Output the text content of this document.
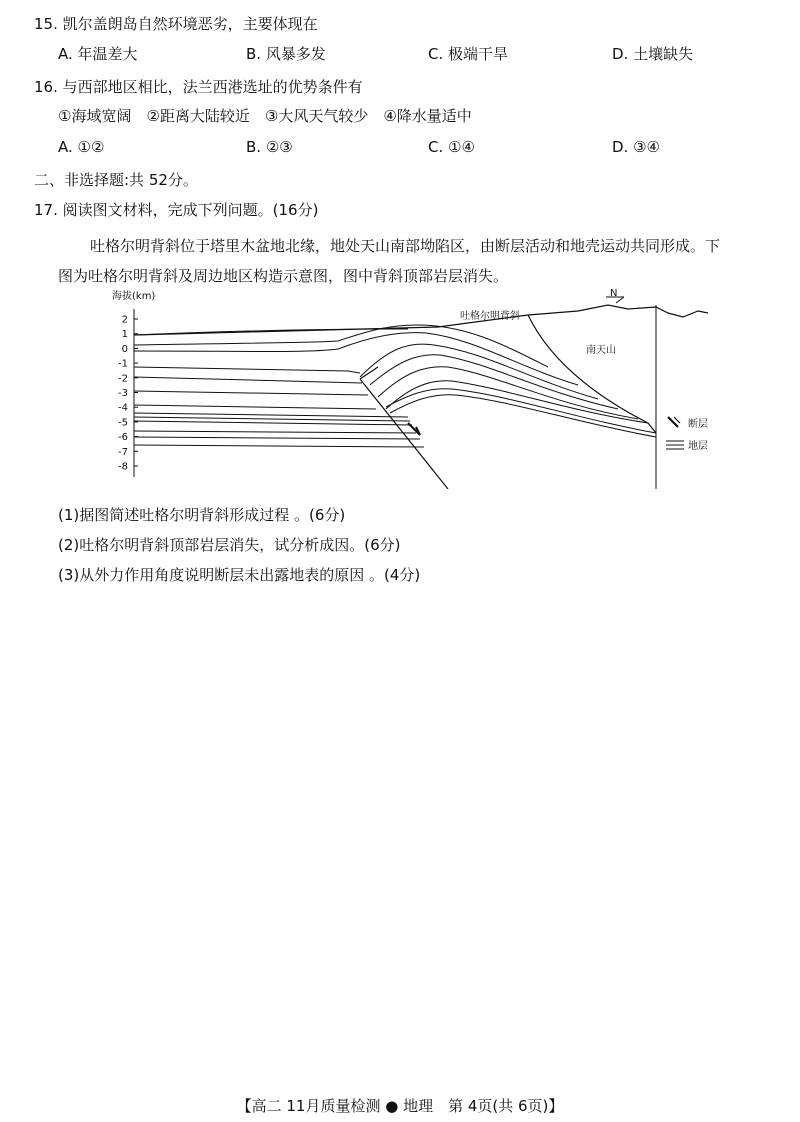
15. 凯尔盖朗岛自然环境恶劣，主要体现在
A. 年温差大	B. 风暴多发	C. 极端干旱	D. 土壤缺失
16. 与西部地区相比，法兰西港选址的优势条件有
①海域宽阔　②距离大陆较近　③大风天气较少　④降水量适中
A. ①②	B. ②③	C. ①④	D. ③④
二、非选择题:共 52分。
17. 阅读图文材料，完成下列问题。(16分)
吐格尔明背斜位于塔里木盆地北缘，地处天山南部坳陷区，由断层活动和地壳运动共同形成。下
图为吐格尔明背斜及周边地区构造示意图，图中背斜顶部岩层消失。
海拔(km)
2
1
0
-1
-2
-3
-4
-5
-6
-7
-8
南天山
吐格尔明背斜
N
断层
地层
(1)据图简述吐格尔明背斜形成过程 。(6分)
(2)吐格尔明背斜顶部岩层消失，试分析成因。(6分)
(3)从外力作用角度说明断层未出露地表的原因 。(4分)
【高二 11月质量检测 ● 地理　第 4页(共 6页)】
